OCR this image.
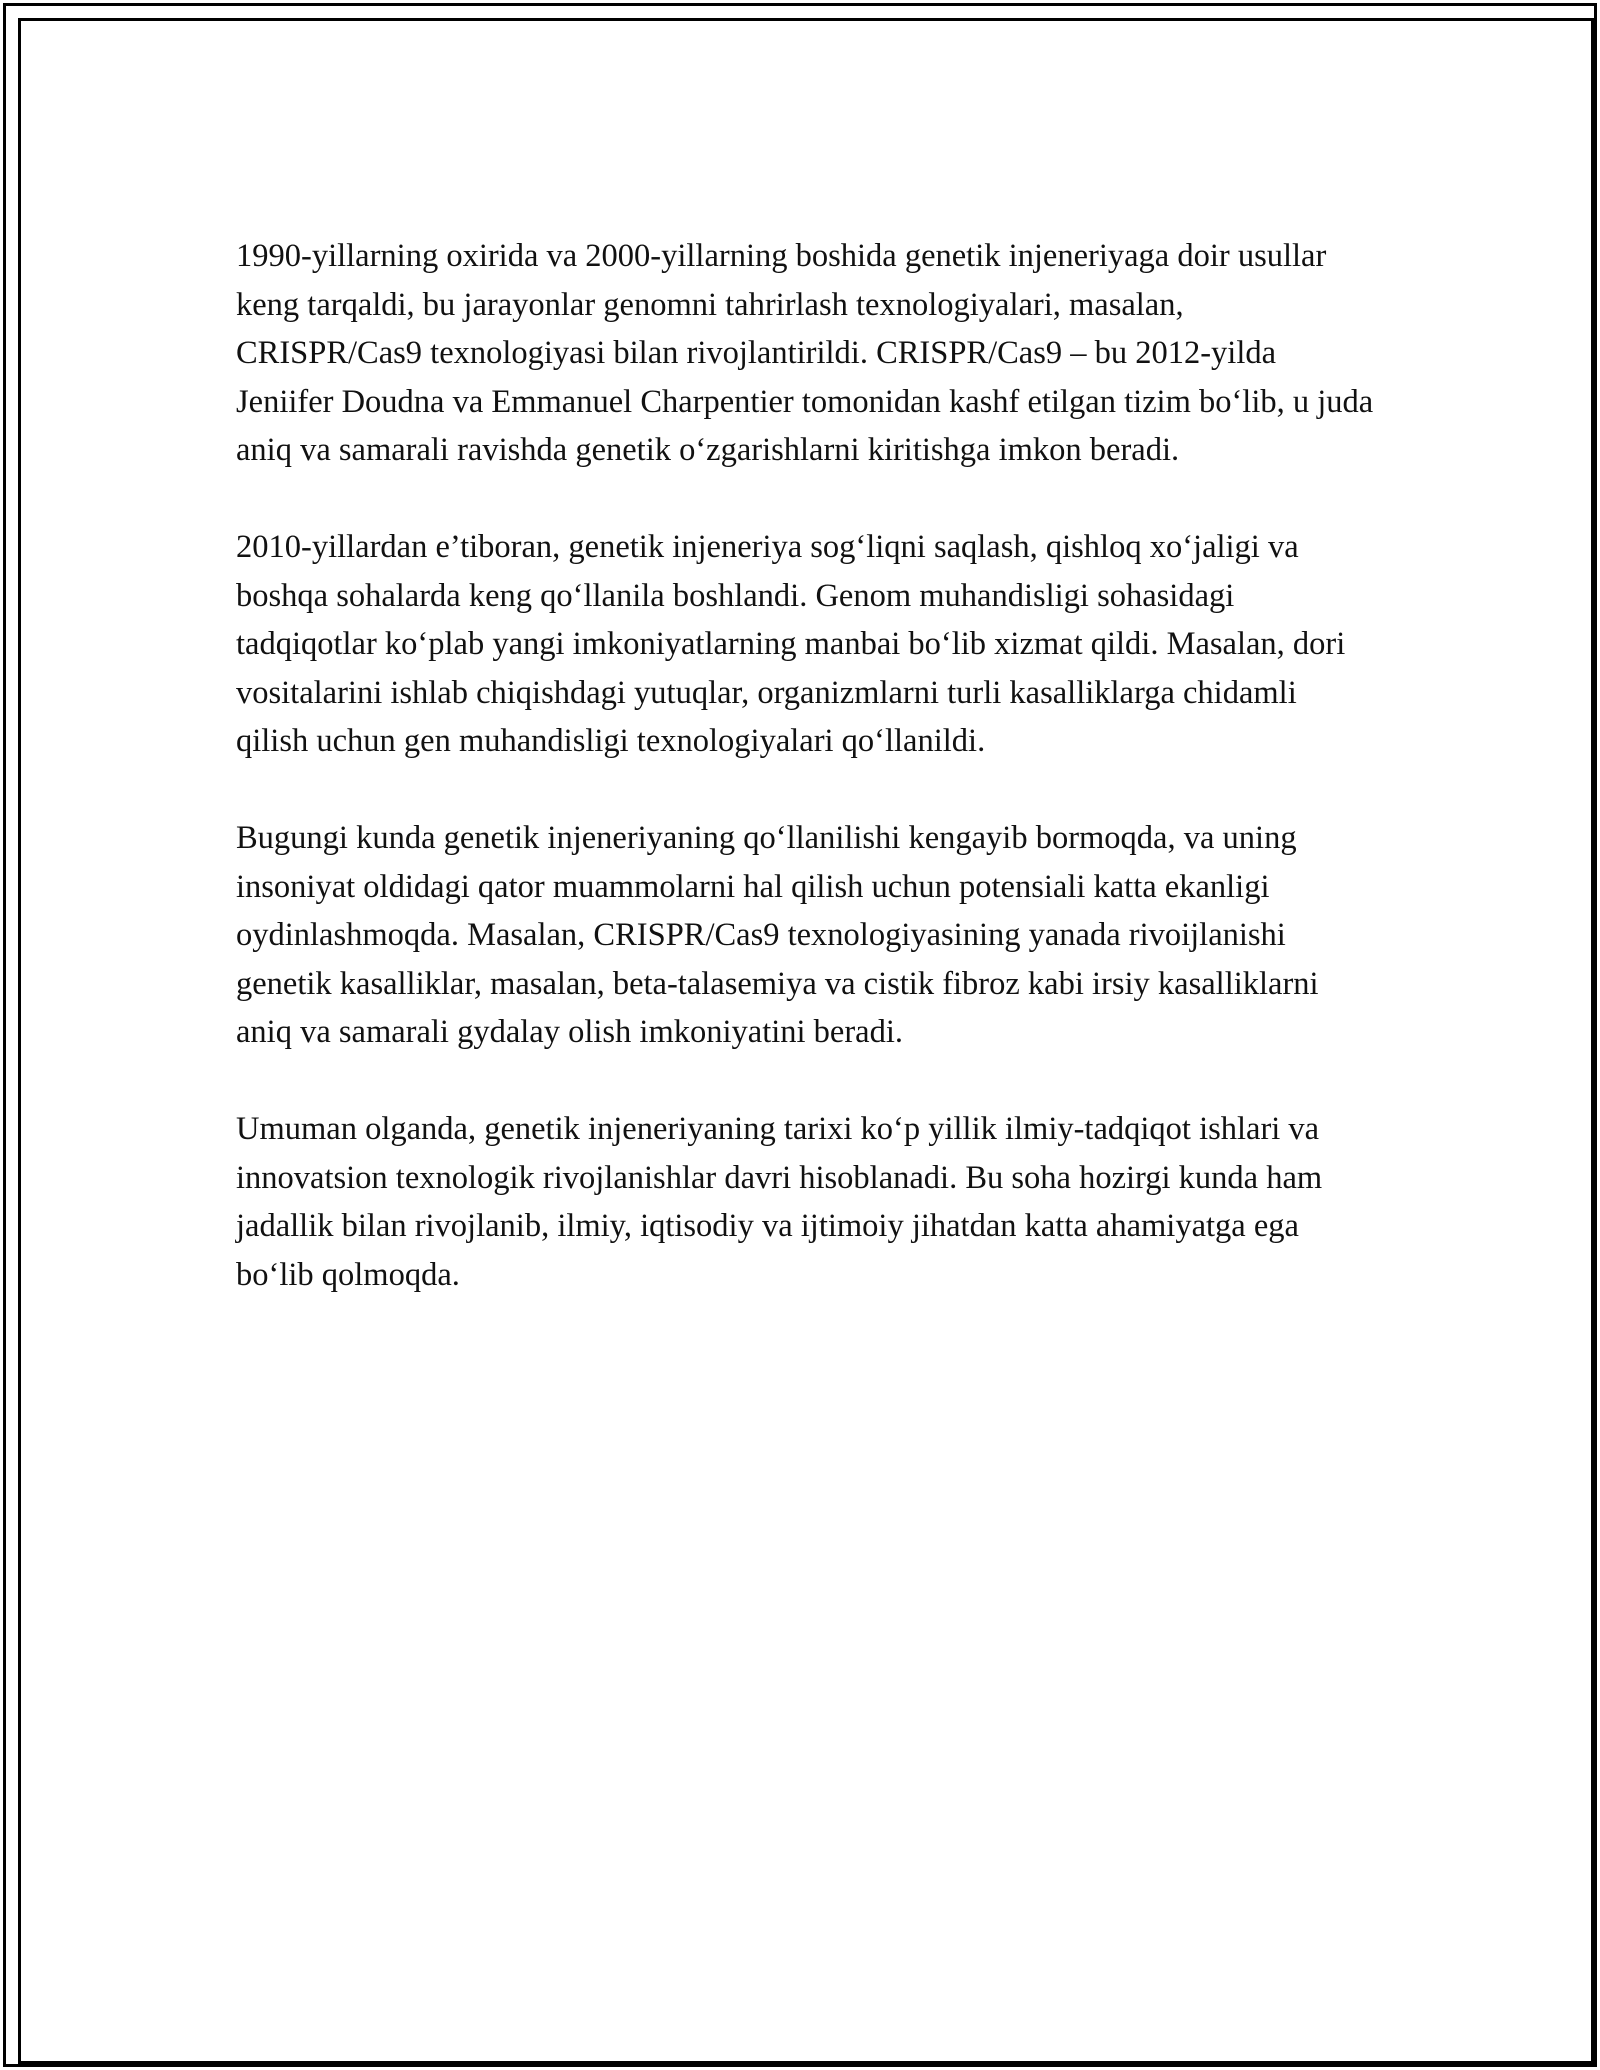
1990-yillarning oxirida va 2000-yillarning boshida genetik injeneriyaga doir usullar keng tarqaldi, bu jarayonlar genomni tahrirlash texnologiyalari, masalan, CRISPR/Cas9 texnologiyasi bilan rivojlantirildi. CRISPR/Cas9 – bu 2012-yilda Jeniifer Doudna va Emmanuel Charpentier tomonidan kashf etilgan tizim bo‘lib, u juda aniq va samarali ravishda genetik o‘zgarishlarni kiritishga imkon beradi.

2010-yillardan e’tiboran, genetik injeneriya sog‘liqni saqlash, qishloq xo‘jaligi va boshqa sohalarda keng qo‘llanila boshlandi. Genom muhandisligi sohasidagi tadqiqotlar ko‘plab yangi imkoniyatlarning manbai bo‘lib xizmat qildi. Masalan, dori vositalarini ishlab chiqishdagi yutuqlar, organizmlarni turli kasalliklarga chidamli qilish uchun gen muhandisligi texnologiyalari qo‘llanildi.

Bugungi kunda genetik injeneriyaning qo‘llanilishi kengayib bormoqda, va uning insoniyat oldidagi qator muammolarni hal qilish uchun potensiali katta ekanligi oydinlashmoqda. Masalan, CRISPR/Cas9 texnologiyasining yanada rivoijlanishi genetik kasalliklar, masalan, beta-talasemiya va cistik fibroz kabi irsiy kasalliklarni aniq va samarali gydalay olish imkoniyatini beradi.

Umuman olganda, genetik injeneriyaning tarixi ko‘p yillik ilmiy-tadqiqot ishlari va innovatsion texnologik rivojlanishlar davri hisoblanadi. Bu soha hozirgi kunda ham jadallik bilan rivojlanib, ilmiy, iqtisodiy va ijtimoiy jihatdan katta ahamiyatga ega bo‘lib qolmoqda.
